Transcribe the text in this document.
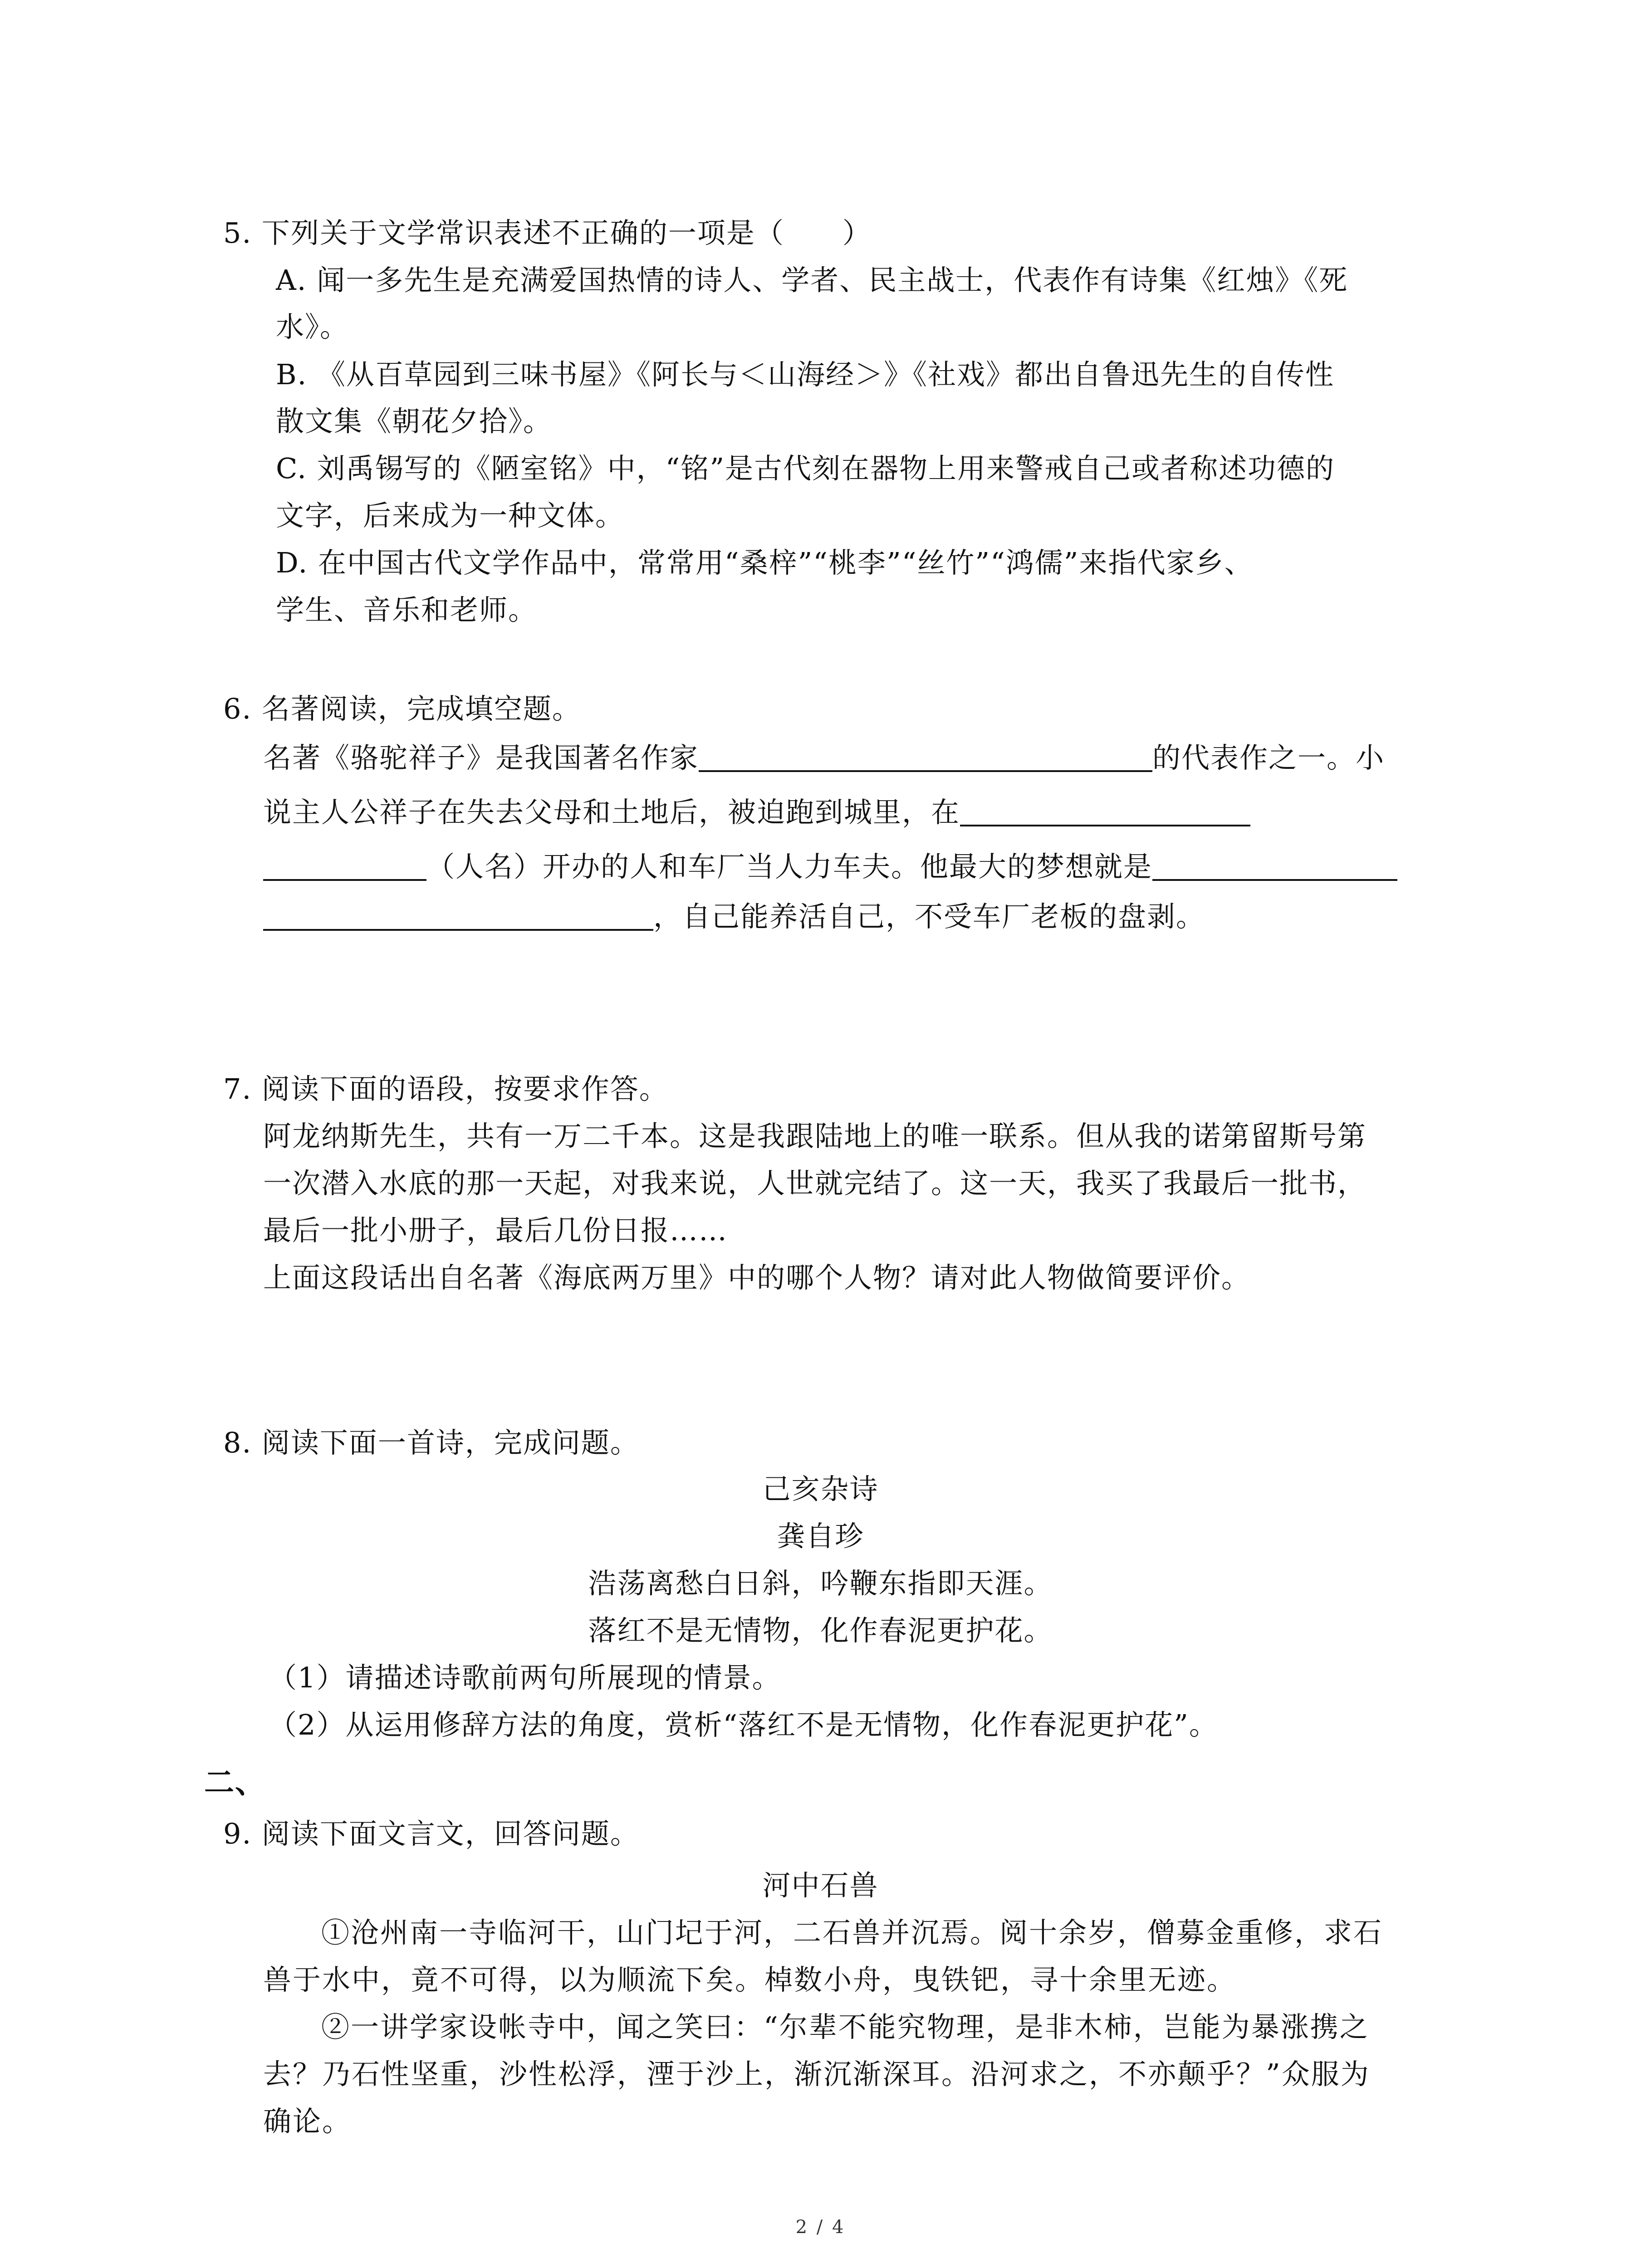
5. 下列关于文学常识表述不正确的一项是（　　）
A. 闻一多先生是充满爱国热情的诗人、学者、民主战士，代表作有诗集《红烛》《死
水》。
B. 《从百草园到三味书屋》《阿长与＜山海经＞》《社戏》都出自鲁迅先生的自传性
散文集《朝花夕拾》。
C. 刘禹锡写的《陋室铭》中，“铭”是古代刻在器物上用来警戒自己或者称述功德的
文字，后来成为一种文体。
D. 在中国古代文学作品中，常常用“桑梓”“桃李”“丝竹”“鸿儒”来指代家乡、
学生、音乐和老师。
6. 名著阅读，完成填空题。
名著《骆驼祥子》是我国著名作家	的代表作之一。小
说主人公祥子在失去父母和土地后，被迫跑到城里，在
（人名）开办的人和车厂当人力车夫。他最大的梦想就是
，自己能养活自己，不受车厂老板的盘剥。
7. 阅读下面的语段，按要求作答。
阿龙纳斯先生，共有一万二千本。这是我跟陆地上的唯一联系。但从我的诺第留斯号第
一次潜入水底的那一天起，对我来说，人世就完结了。这一天，我买了我最后一批书，
最后一批小册子，最后几份日报……
上面这段话出自名著《海底两万里》中的哪个人物？请对此人物做简要评价。
8. 阅读下面一首诗，完成问题。
己亥杂诗
龚自珍
浩荡离愁白日斜，吟鞭东指即天涯。
落红不是无情物，化作春泥更护花。
（1）请描述诗歌前两句所展现的情景。
（2）从运用修辞方法的角度，赏析“落红不是无情物，化作春泥更护花”。
二、
9. 阅读下面文言文，回答问题。
河中石兽
①沧州南一寺临河干，山门圮于河，二石兽并沉焉。阅十余岁，僧募金重修，求石
兽于水中，竟不可得，以为顺流下矣。棹数小舟，曳铁钯，寻十余里无迹。
②一讲学家设帐寺中，闻之笑曰：“尔辈不能究物理，是非木柿，岂能为暴涨携之
去？乃石性坚重，沙性松浮，湮于沙上，渐沉渐深耳。沿河求之，不亦颠乎？”众服为
确论。
2 / 4
